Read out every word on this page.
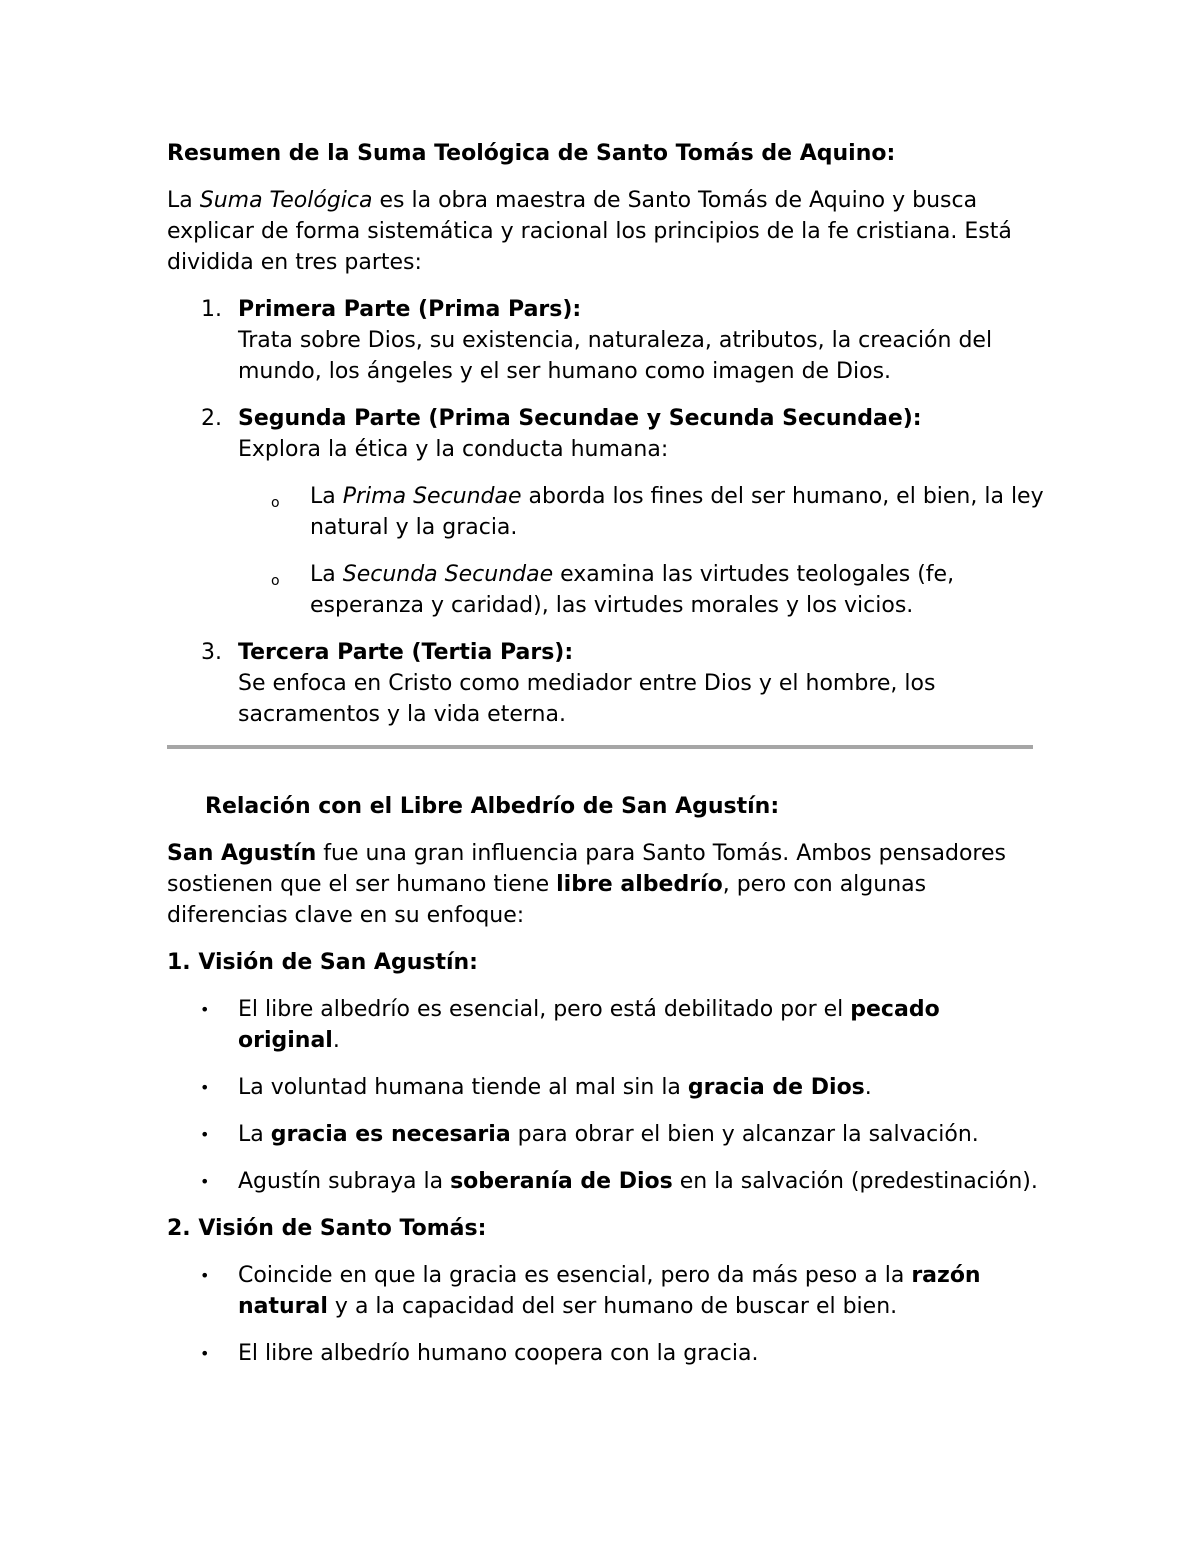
Resumen de la Suma Teológica de Santo Tomás de Aquino:

La Suma Teológica es la obra maestra de Santo Tomás de Aquino y busca explicar de forma sistemática y racional los principios de la fe cristiana. Está dividida en tres partes:

1. Primera Parte (Prima Pars):
Trata sobre Dios, su existencia, naturaleza, atributos, la creación del mundo, los ángeles y el ser humano como imagen de Dios.
2. Segunda Parte (Prima Secundae y Secunda Secundae):
Explora la ética y la conducta humana:
o La Prima Secundae aborda los fines del ser humano, el bien, la ley natural y la gracia.
o La Secunda Secundae examina las virtudes teologales (fe, esperanza y caridad), las virtudes morales y los vicios.
3. Tercera Parte (Tertia Pars):
Se enfoca en Cristo como mediador entre Dios y el hombre, los sacramentos y la vida eterna.

Relación con el Libre Albedrío de San Agustín:

San Agustín fue una gran influencia para Santo Tomás. Ambos pensadores sostienen que el ser humano tiene libre albedrío, pero con algunas diferencias clave en su enfoque:

1. Visión de San Agustín:

• El libre albedrío es esencial, pero está debilitado por el pecado original.
• La voluntad humana tiende al mal sin la gracia de Dios.
• La gracia es necesaria para obrar el bien y alcanzar la salvación.
• Agustín subraya la soberanía de Dios en la salvación (predestinación).

2. Visión de Santo Tomás:

• Coincide en que la gracia es esencial, pero da más peso a la razón natural y a la capacidad del ser humano de buscar el bien.
• El libre albedrío humano coopera con la gracia.
